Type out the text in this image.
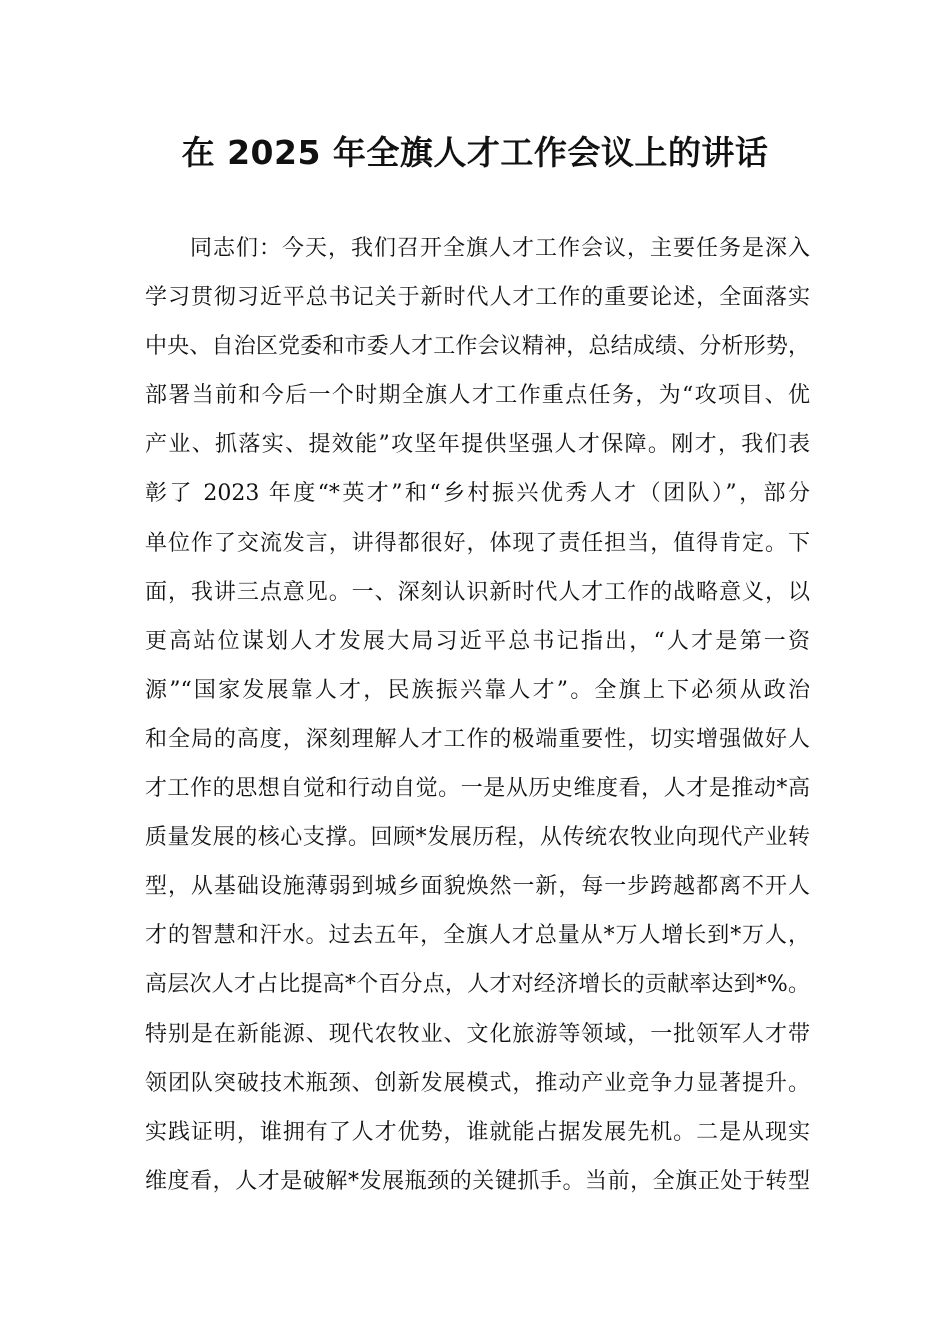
在 2025 年全旗人才工作会议上的讲话
同志们：今天，我们召开全旗人才工作会议，主要任务是深入
学习贯彻习近平总书记关于新时代人才工作的重要论述，全面落实
中央、自治区党委和市委人才工作会议精神，总结成绩、分析形势，
部署当前和今后一个时期全旗人才工作重点任务，为“攻项目、优
产业、抓落实、提效能”攻坚年提供坚强人才保障。刚才，我们表
彰了 2023 年度“*英才”和“乡村振兴优秀人才（团队）”，部分
单位作了交流发言，讲得都很好，体现了责任担当，值得肯定。下
面，我讲三点意见。一、深刻认识新时代人才工作的战略意义，以
更高站位谋划人才发展大局习近平总书记指出，“人才是第一资
源”“国家发展靠人才，民族振兴靠人才”。全旗上下必须从政治
和全局的高度，深刻理解人才工作的极端重要性，切实增强做好人
才工作的思想自觉和行动自觉。一是从历史维度看，人才是推动*高
质量发展的核心支撑。回顾*发展历程，从传统农牧业向现代产业转
型，从基础设施薄弱到城乡面貌焕然一新，每一步跨越都离不开人
才的智慧和汗水。过去五年，全旗人才总量从*万人增长到*万人，
高层次人才占比提高*个百分点，人才对经济增长的贡献率达到*%。
特别是在新能源、现代农牧业、文化旅游等领域，一批领军人才带
领团队突破技术瓶颈、创新发展模式，推动产业竞争力显著提升。
实践证明，谁拥有了人才优势，谁就能占据发展先机。二是从现实
维度看，人才是破解*发展瓶颈的关键抓手。当前，全旗正处于转型
